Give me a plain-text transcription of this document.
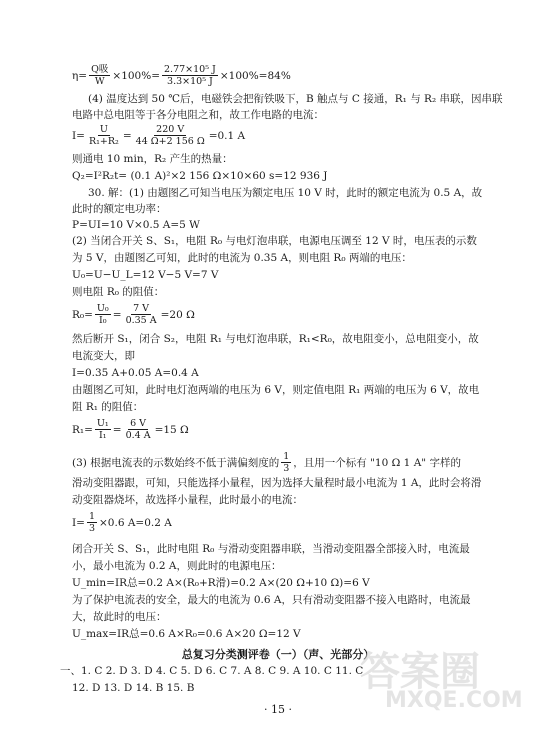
$\eta= \frac{\text{Q吸}}{W} \times 100\%= \frac{\text{2.77×10⁵ J}}{\text{3.3×10⁵ J}} \times 100\%=84\%$
(4) 温度达到 50 ℃后，电磁铁会把衔铁吸下，B 触点与 C 接通，R₁ 与 R₂ 串联，因串联
电路中总电阻等于各分电阻之和，故工作电路的电流：
$I= \frac{U}{\text{R₁+R₂}} = \frac{220 V}{44 \Omega+2 156 \Omega} =0.1$ A
则通电 10 min，R₂ 产生的热量：
Q₂=I²R₂t= (0.1 A)²×2 156 Ω×10×60 s=12 936 J
30. 解：(1) 由题图乙可知当电压为额定电压 10 V 时，此时的额定电流为 0.5 A，故
此时的额定电功率：
P=UI=10 V×0.5 A=5 W
(2) 当闭合开关 S、S₁，电阻 R₀ 与电灯泡串联，电源电压调至 12 V 时，电压表的示数
为 5 V，由题图乙可知，此时的电流为 0.35 A，则电阻 R₀ 两端的电压：
U₀=U−U_L=12 V−5 V=7 V
则电阻 R₀ 的阻值：
$R_0= \frac{\text{U₀}}{\text{I₀}} = \frac{7 V}{0.35 A} =20$ Ω
然后断开 S₁，闭合 S₂，电阻 R₁ 与电灯泡串联，R₁<R₀，故电阻变小，总电阻变小，故
电流变大，即
I=0.35 A+0.05 A=0.4 A
由题图乙可知，此时电灯泡两端的电压为 6 V，则定值电阻 R₁ 两端的电压为 6 V，故电
阻 R₁ 的阻值：
$R_1= \frac{\text{U₁}}{\text{I₁}} = \frac{6 V}{0.4 A} =15$ Ω
(3) 根据电流表的示数始终不低于满偏刻度的 $\frac{1}{3}$ ，且用一个标有 "10 Ω 1 A" 字样的
滑动变阻器跟，可知，只能选择小量程，因为选择大量程时最小电流为 1 A，此时会将滑
动变阻器烧坏，故选择小量程，此时最小的电流：
$I= \frac{1}{3} \times 0.6$ A=0.2 A
闭合开关 S、S₁，此时电阻 R₀ 与滑动变阻器串联，当滑动变阻器全部接入时，电流最
小，最小电流为 0.2 A，则此时的电源电压：
U_min=IR总=0.2 A×(R₀+R滑)=0.2 A×(20 Ω+10 Ω)=6 V
为了保护电流表的安全，最大的电流为 0.6 A，只有滑动变阻器不接入电路时，电流最
大，故此时的电压：
U_max=IR总=0.6 A×R₀=0.6 A×20 Ω=12 V
总复习分类测评卷（一）（声、光部分）
一、1. C 2. D 3. D 4. C 5. D 6. C 7. A 8. C 9. A 10. C 11. C
12. D 13. D 14. B 15. B
· 15 ·
答案圈
MXQE.COM
